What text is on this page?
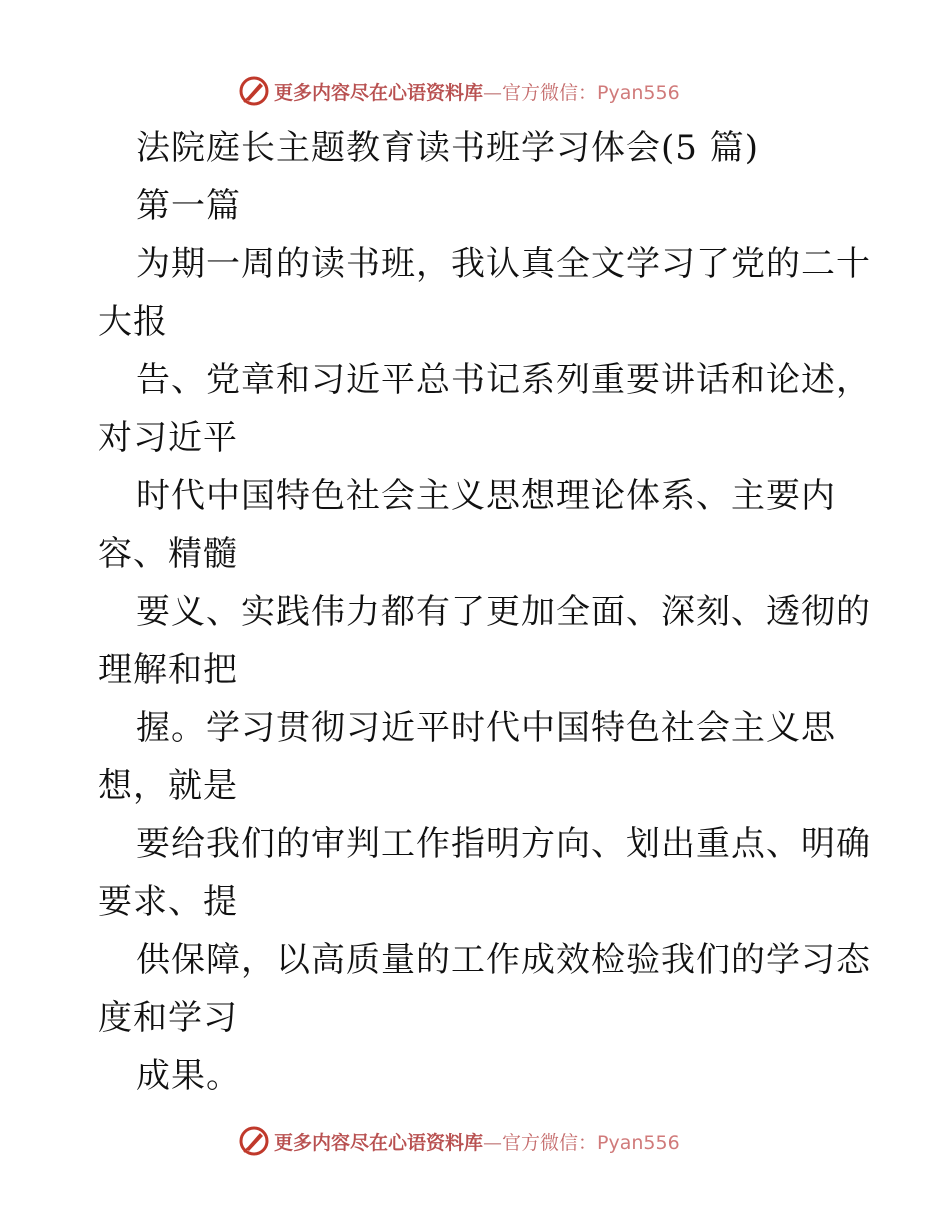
更多内容尽在心语资料库—官方微信：Pyan556
法院庭长主题教育读书班学习体会(5 篇)
第一篇
为期一周的读书班，我认真全文学习了党的二十
大报
告、党章和习近平总书记系列重要讲话和论述，
对习近平
时代中国特色社会主义思想理论体系、主要内
容、精髓
要义、实践伟力都有了更加全面、深刻、透彻的
理解和把
握。学习贯彻习近平时代中国特色社会主义思
想，就是
要给我们的审判工作指明方向、划出重点、明确
要求、提
供保障，以高质量的工作成效检验我们的学习态
度和学习
成果。
更多内容尽在心语资料库—官方微信：Pyan556
